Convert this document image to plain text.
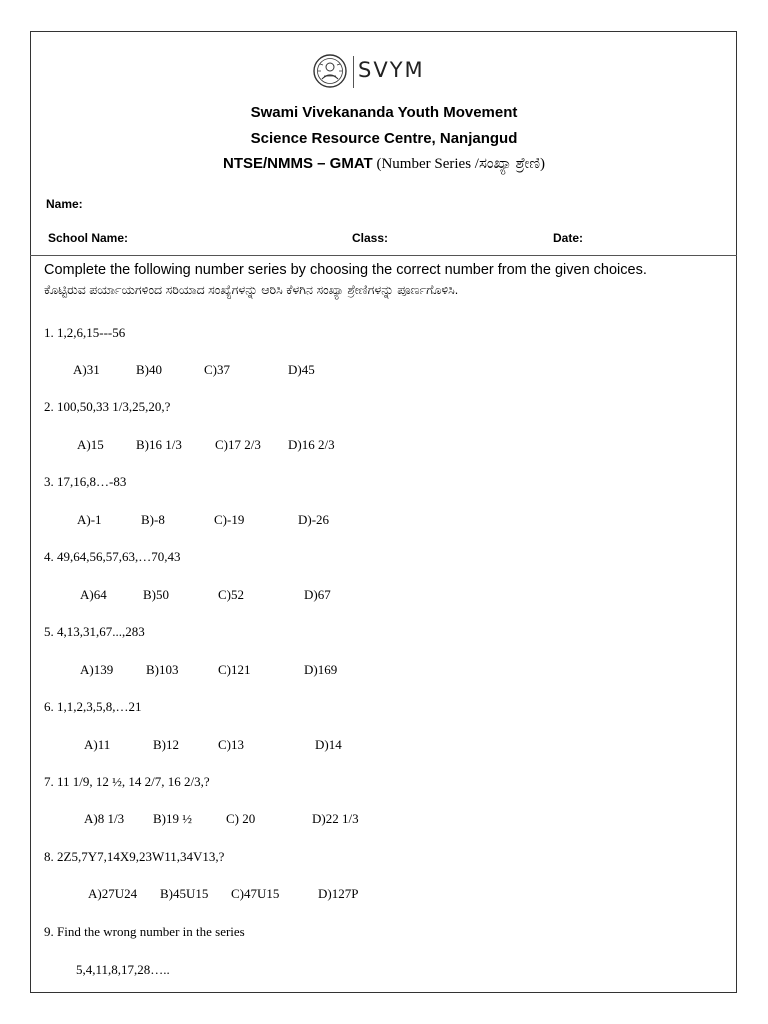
SVYM
Swami Vivekananda Youth Movement
Science Resource Centre, Nanjangud
NTSE/NMMS – GMAT (Number Series /ಸಂಖ್ಯಾ ಶ್ರೇಣಿ)
Name:
School Name:	Class:	Date:
Complete the following number series by choosing the correct number from the given choices.
ಕೊಟ್ಟಿರುವ ಪರ್ಯಾಯಗಳಿಂದ ಸರಿಯಾದ ಸಂಖ್ಯೆಗಳನ್ನು ಆರಿಸಿ ಕೆಳಗಿನ ಸಂಖ್ಯಾ ಶ್ರೇಣಿಗಳನ್ನು ಪೂರ್ಣಗೊಳಿಸಿ.
1. 1,2,6,15---56
A)31	B)40	C)37	D)45
2. 100,50,33 1/3,25,20,?
A)15 B)16 1/3	C)17 2/3 D)16 2/3
3. 17,16,8…-83
A)-1	B)-8	C)-19	D)-26
4. 49,64,56,57,63,…70,43
A)64	B)50	C)52	D)67
5. 4,13,31,67...,283
A)139	B)103	C)121	D)169
6. 1,1,2,3,5,8,…21
A)11	B)12	C)13	D)14
7. 11 1/9, 12 ½, 14 2/7, 16 2/3,?
A)8 1/3 B)19 ½	C) 20	D)22 1/3
8. 2Z5,7Y7,14X9,23W11,34V13,?
A)27U24 B)45U15 C)47U15	D)127P
9. Find the wrong number in the series
5,4,11,8,17,28…..
